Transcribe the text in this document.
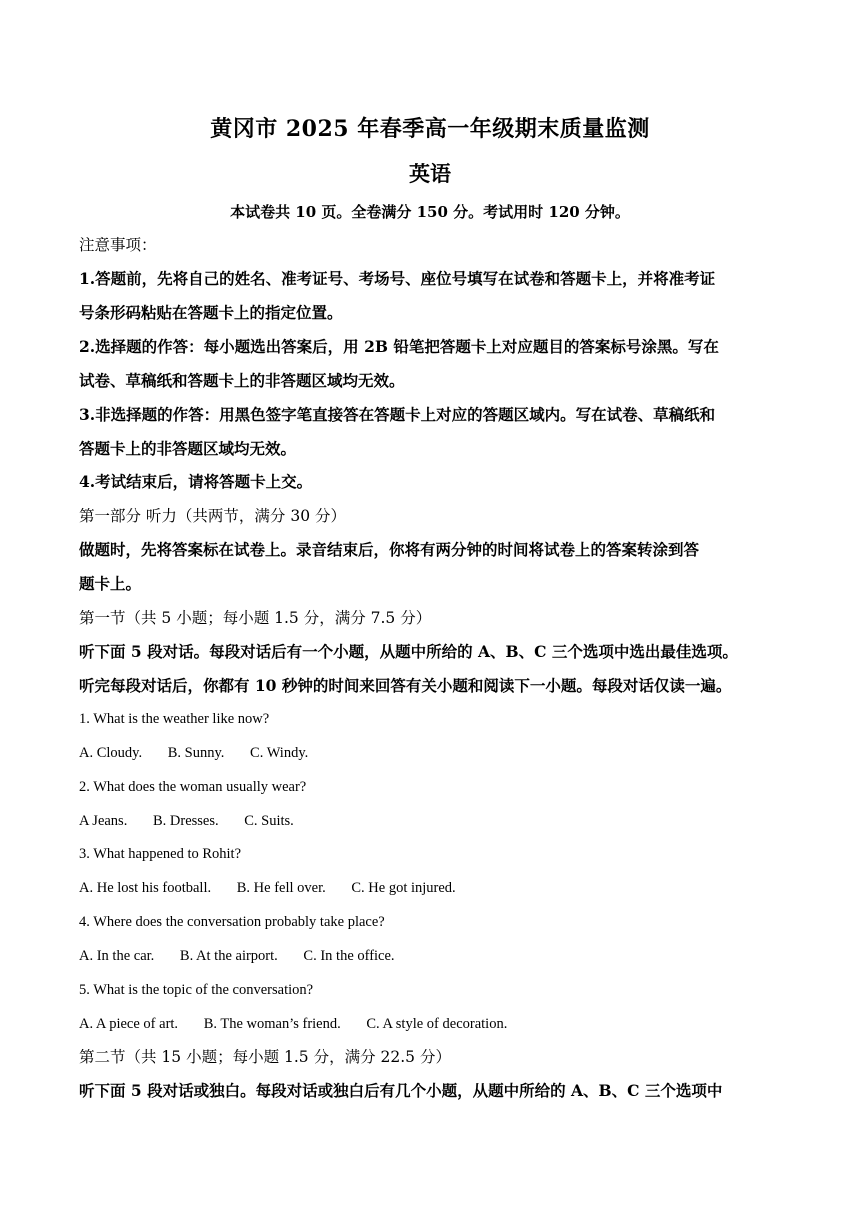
黄冈市 2025 年春季高一年级期末质量监测
英语
本试卷共 10 页。全卷满分 150 分。考试用时 120 分钟。
注意事项：
1.答题前，先将自己的姓名、准考证号、考场号、座位号填写在试卷和答题卡上，并将准考证
号条形码粘贴在答题卡上的指定位置。
2.选择题的作答：每小题选出答案后，用 2B 铅笔把答题卡上对应题目的答案标号涂黑。写在
试卷、草稿纸和答题卡上的非答题区域均无效。
3.非选择题的作答：用黑色签字笔直接答在答题卡上对应的答题区域内。写在试卷、草稿纸和
答题卡上的非答题区域均无效。
4.考试结束后，请将答题卡上交。
第一部分 听力（共两节，满分 30 分）
做题时，先将答案标在试卷上。录音结束后，你将有两分钟的时间将试卷上的答案转涂到答
题卡上。
第一节（共 5 小题；每小题 1.5 分，满分 7.5 分）
听下面 5 段对话。每段对话后有一个小题，从题中所给的 A、B、C 三个选项中选出最佳选项。
听完每段对话后，你都有 10 秒钟的时间来回答有关小题和阅读下一小题。每段对话仅读一遍。
1. What is the weather like now?
A. Cloudy. B. Sunny. C. Windy.
2. What does the woman usually wear?
A Jeans. B. Dresses. C. Suits.
3. What happened to Rohit?
A. He lost his football. B. He fell over. C. He got injured.
4. Where does the conversation probably take place?
A. In the car. B. At the airport. C. In the office.
5. What is the topic of the conversation?
A. A piece of art. B. The woman’s friend. C. A style of decoration.
第二节（共 15 小题；每小题 1.5 分，满分 22.5 分）
听下面 5 段对话或独白。每段对话或独白后有几个小题，从题中所给的 A、B、C 三个选项中
